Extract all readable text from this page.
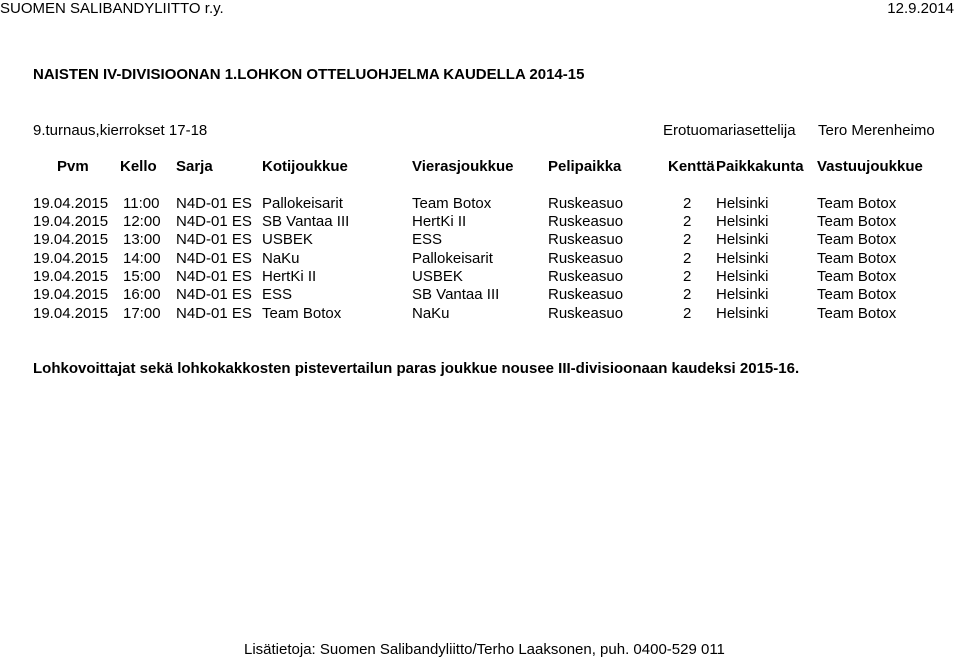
SUOMEN SALIBANDYLIITTO r.y.	12.9.2014
NAISTEN IV-DIVISIOONAN 1.LOHKON OTTELUOHJELMA KAUDELLA 2014-15
9.turnaus,kierrokset 17-18	Erotuomariasettelija Tero Merenheimo
Pvm Kello Sarja	Kotijoukkue	Vierasjoukkue Pelipaikka	Kenttä Paikkakunta Vastuujoukkue
19.04.2015 11:00 N4D-01 ES Pallokeisarit	Team Botox	Ruskeasuo	2 Helsinki	Team Botox
19.04.2015 12:00 N4D-01 ES SB Vantaa III	HertKi II	Ruskeasuo	2 Helsinki	Team Botox
19.04.2015 13:00 N4D-01 ES USBEK	ESS	Ruskeasuo	2 Helsinki	Team Botox
19.04.2015 14:00 N4D-01 ES NaKu	Pallokeisarit	Ruskeasuo	2 Helsinki	Team Botox
19.04.2015 15:00 N4D-01 ES HertKi II	USBEK	Ruskeasuo	2 Helsinki	Team Botox
19.04.2015 16:00 N4D-01 ES ESS	SB Vantaa III	Ruskeasuo	2 Helsinki	Team Botox
19.04.2015 17:00 N4D-01 ES Team Botox	NaKu	Ruskeasuo	2 Helsinki	Team Botox
Lohkovoittajat sekä lohkokakkosten pistevertailun paras joukkue nousee III-divisioonaan kaudeksi 2015-16.
Lisätietoja: Suomen Salibandyliitto/Terho Laaksonen, puh. 0400-529 011
